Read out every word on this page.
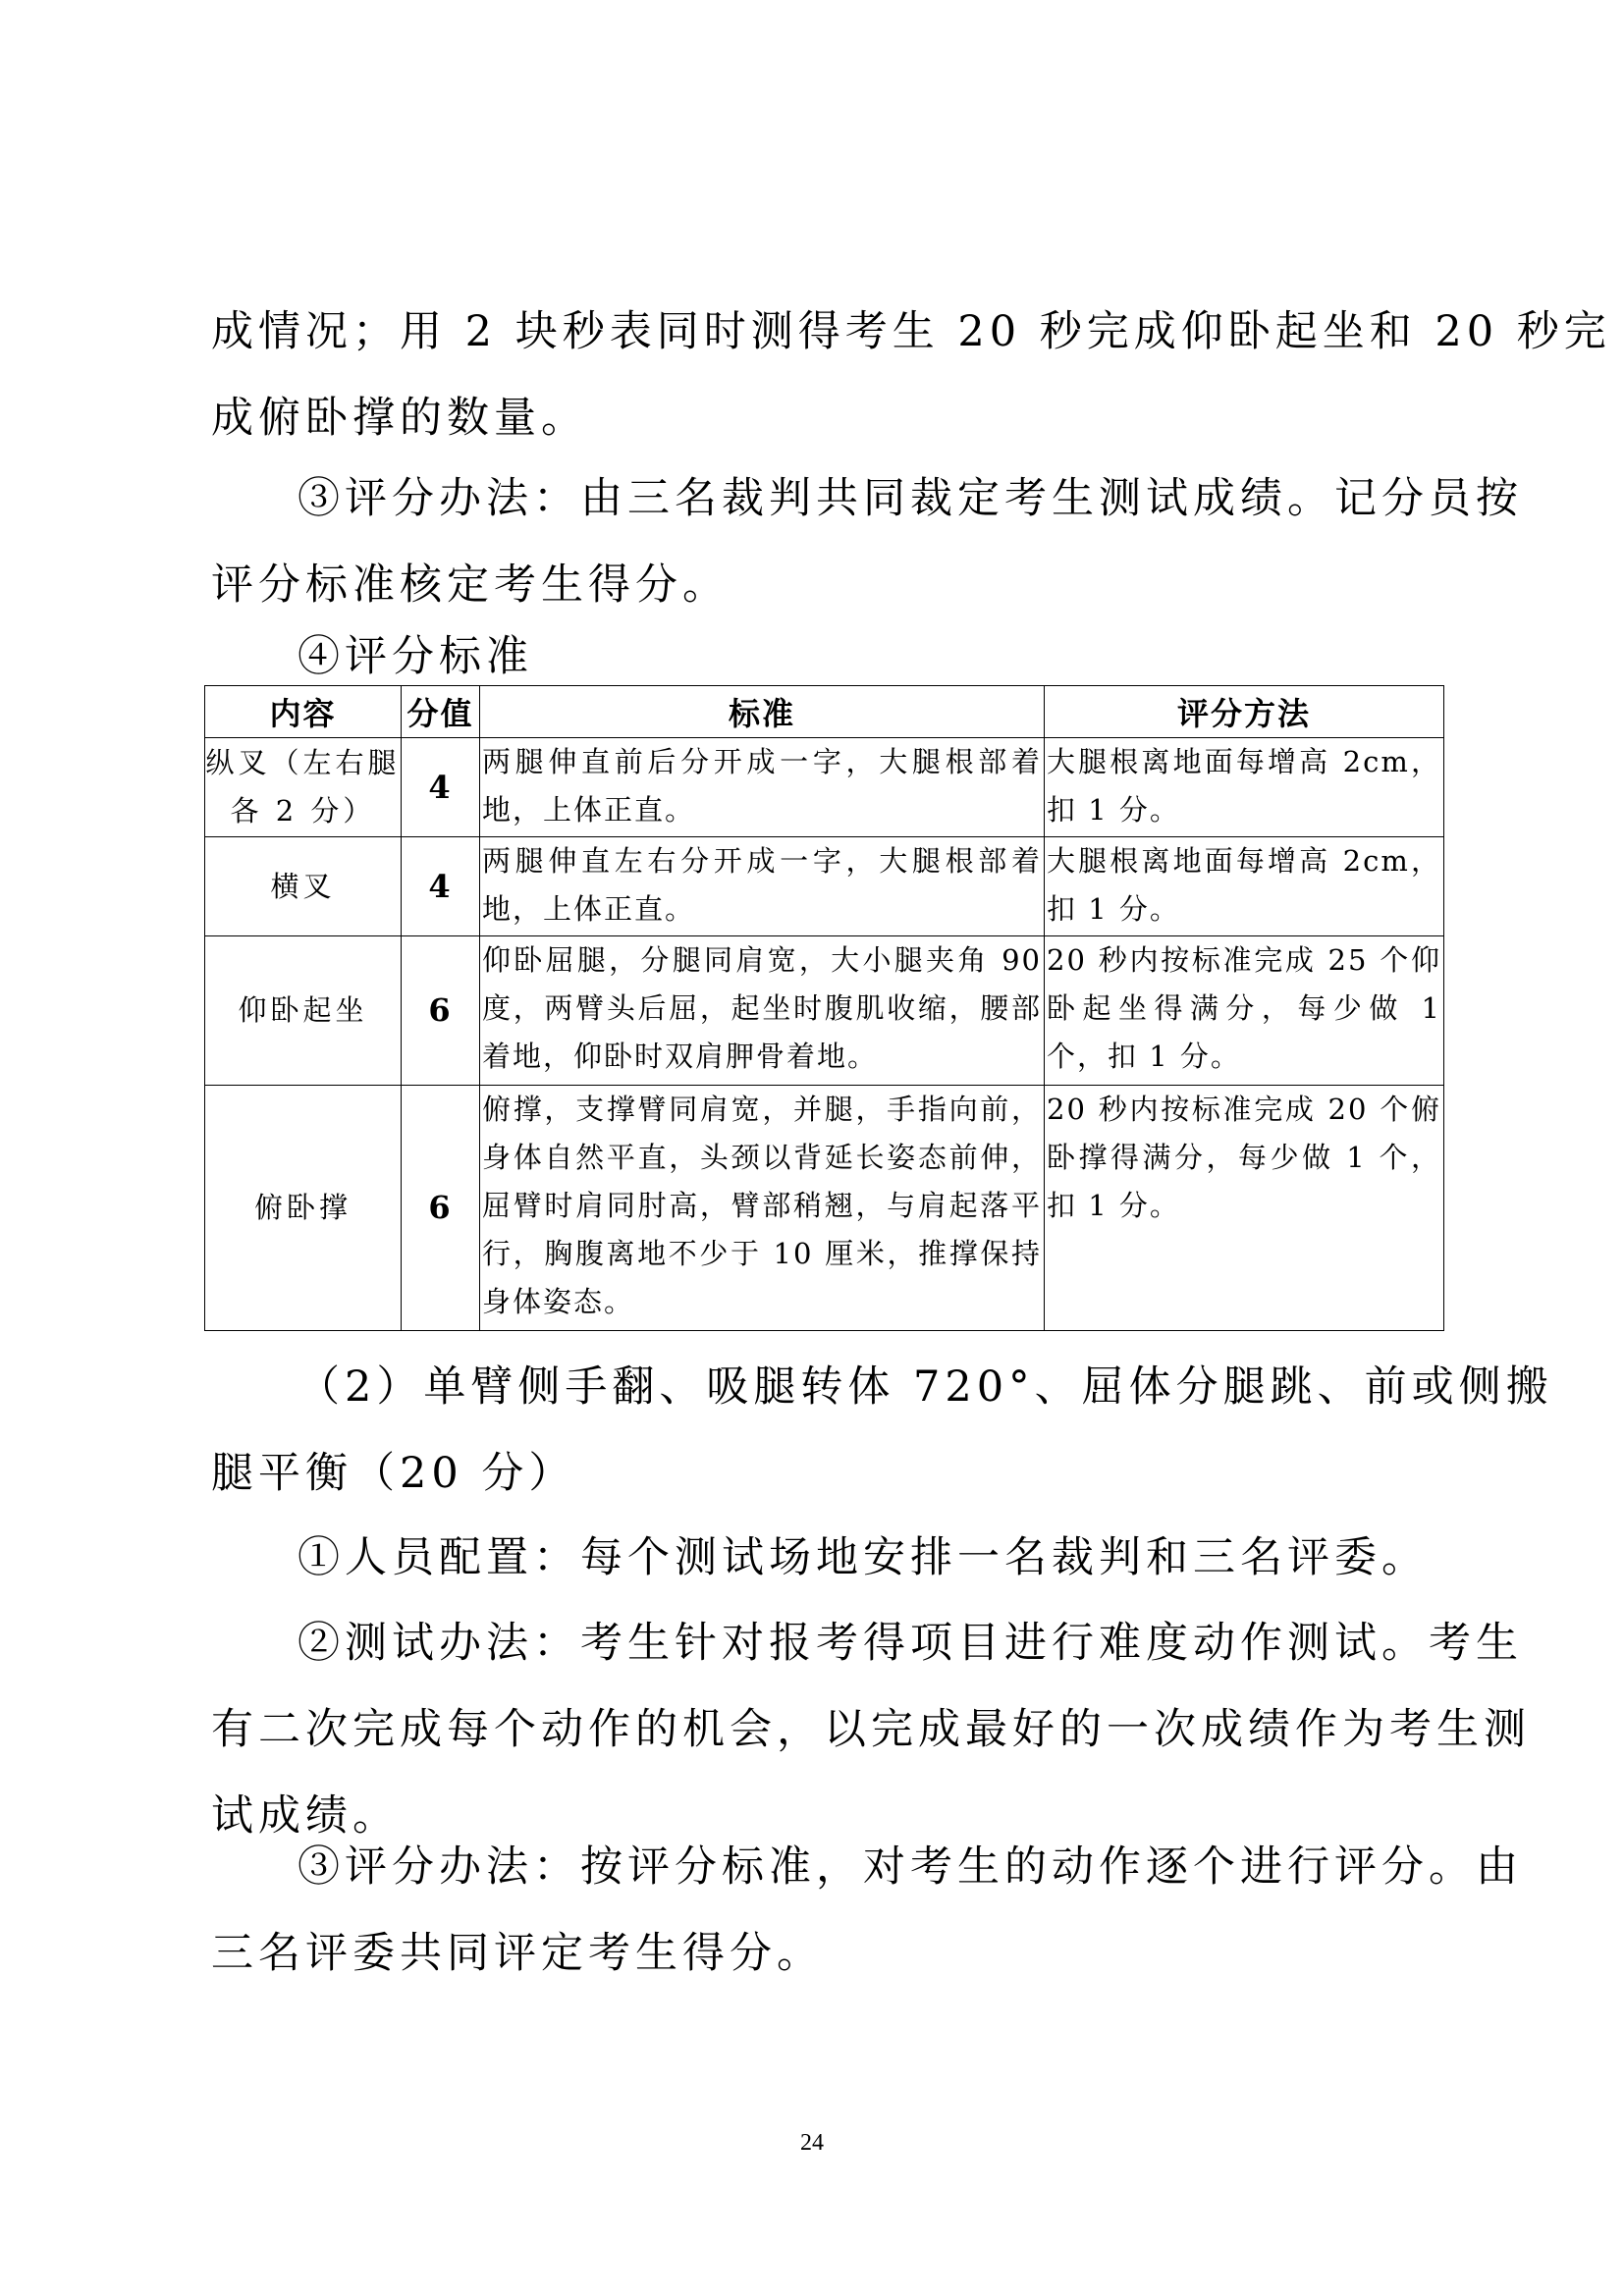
成情况；用 2 块秒表同时测得考生 20 秒完成仰卧起坐和 20 秒完
成俯卧撑的数量。
③评分办法：由三名裁判共同裁定考生测试成绩。记分员按
评分标准核定考生得分。
④评分标准
内容	分值	标准	评分方法
纵叉（左右腿各 2 分）	4	两腿伸直前后分开成一字，大腿根部着地，上体正直。	大腿根离地面每增高 2cm，扣 1 分。
横叉	4	两腿伸直左右分开成一字，大腿根部着地，上体正直。	大腿根离地面每增高 2cm，扣 1 分。
仰卧起坐	6	仰卧屈腿，分腿同肩宽，大小腿夹角 90 度，两臂头后屈，起坐时腹肌收缩，腰部着地，仰卧时双肩胛骨着地。	20 秒内按标准完成 25 个仰卧起坐得满分，每少做 1 个，扣 1 分。
俯卧撑	6	俯撑，支撑臂同肩宽，并腿，手指向前，身体自然平直，头颈以背延长姿态前伸，屈臂时肩同肘高，臂部稍翘，与肩起落平行，胸腹离地不少于 10 厘米，推撑保持身体姿态。	20 秒内按标准完成 20 个俯卧撑得满分，每少做 1 个，扣 1 分。
（2）单臂侧手翻、吸腿转体 720°、屈体分腿跳、前或侧搬
腿平衡（20 分）
①人员配置：每个测试场地安排一名裁判和三名评委。
②测试办法：考生针对报考得项目进行难度动作测试。考生
有二次完成每个动作的机会，以完成最好的一次成绩作为考生测
试成绩。
③评分办法：按评分标准，对考生的动作逐个进行评分。由
三名评委共同评定考生得分。
24
